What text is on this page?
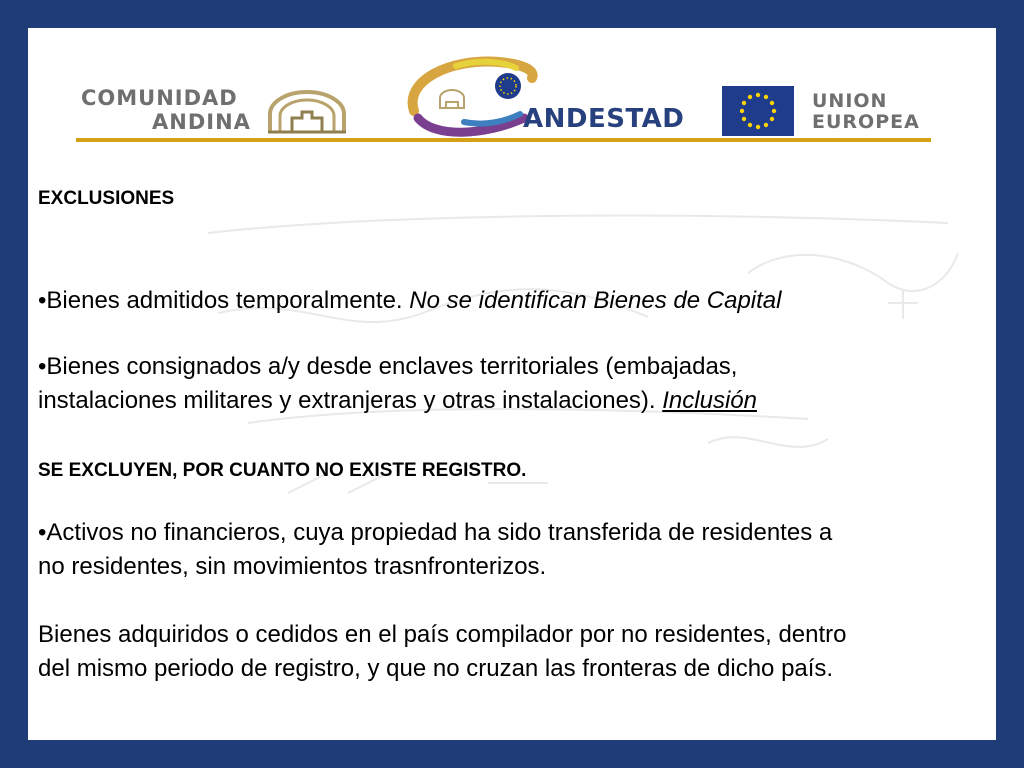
COMUNIDAD
ANDINA	ANDESTAD
UNION
EUROPEA

EXCLUSIONES

•Bienes admitidos temporalmente. No se identifican Bienes de Capital

•Bienes consignados a/y desde enclaves territoriales (embajadas,

instalaciones militares y extranjeras y otras instalaciones). Inclusión

SE EXCLUYEN, POR CUANTO NO EXISTE REGISTRO.

•Activos no financieros, cuya propiedad ha sido transferida de residentes a

no residentes, sin movimientos trasnfronterizos.

Bienes adquiridos o cedidos en el país compilador por no residentes, dentro

del mismo periodo de registro, y que no cruzan las fronteras de dicho país.
